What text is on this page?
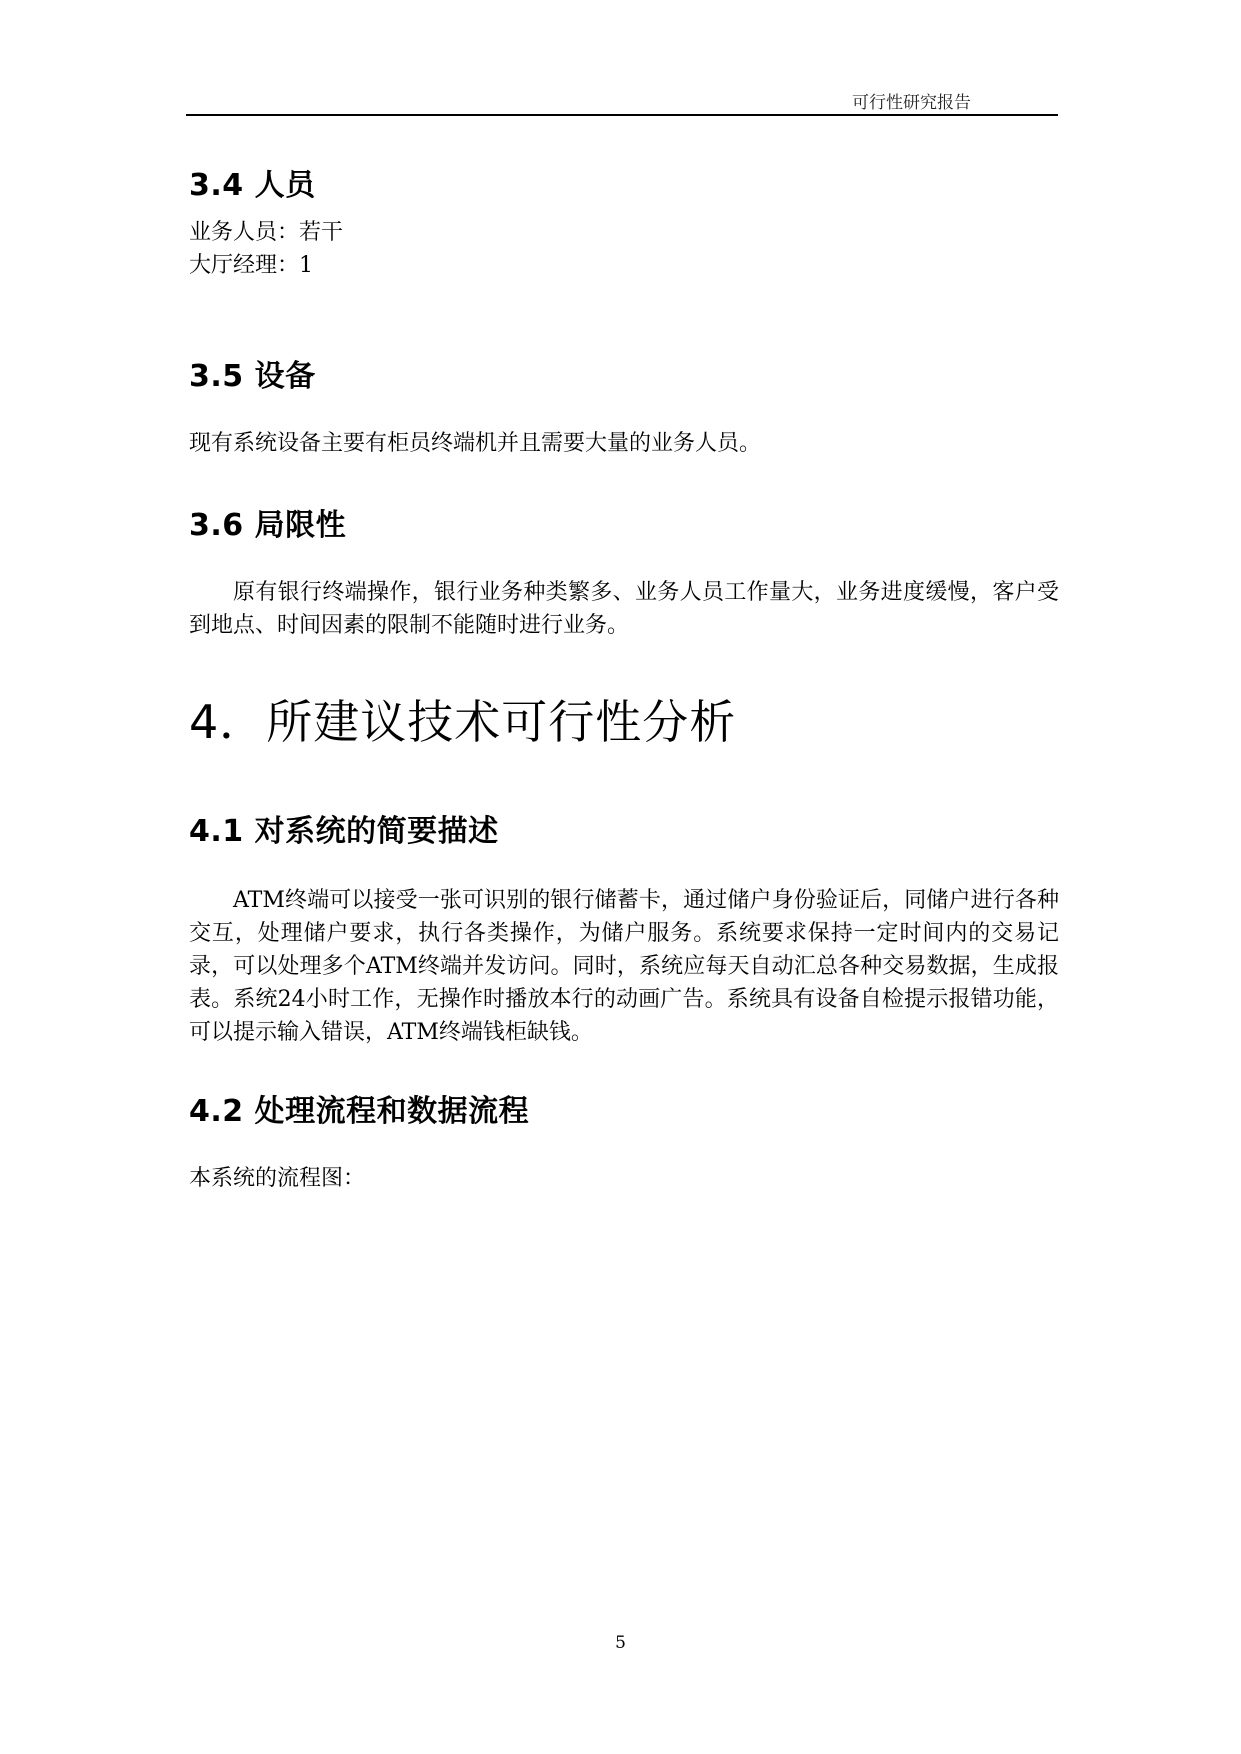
可行性研究报告
3.4 人员

业务人员：若干

大厅经理：1

3.5 设备

现有系统设备主要有柜员终端机并且需要大量的业务人员。

3.6 局限性

原有银行终端操作，银行业务种类繁多、业务人员工作量大，业务进度缓慢，客户受到地点、时间因素的限制不能随时进行业务。

4．所建议技术可行性分析
4.1 对系统的简要描述

ATM终端可以接受一张可识别的银行储蓄卡，通过储户身份验证后，同储户进行各种交互，处理储户要求，执行各类操作，为储户服务。系统要求保持一定时间内的交易记录，可以处理多个ATM终端并发访问。同时，系统应每天自动汇总各种交易数据，生成报表。系统24小时工作，无操作时播放本行的动画广告。系统具有设备自检提示报错功能，可以提示输入错误，ATM终端钱柜缺钱。

4.2 处理流程和数据流程

本系统的流程图：

5
